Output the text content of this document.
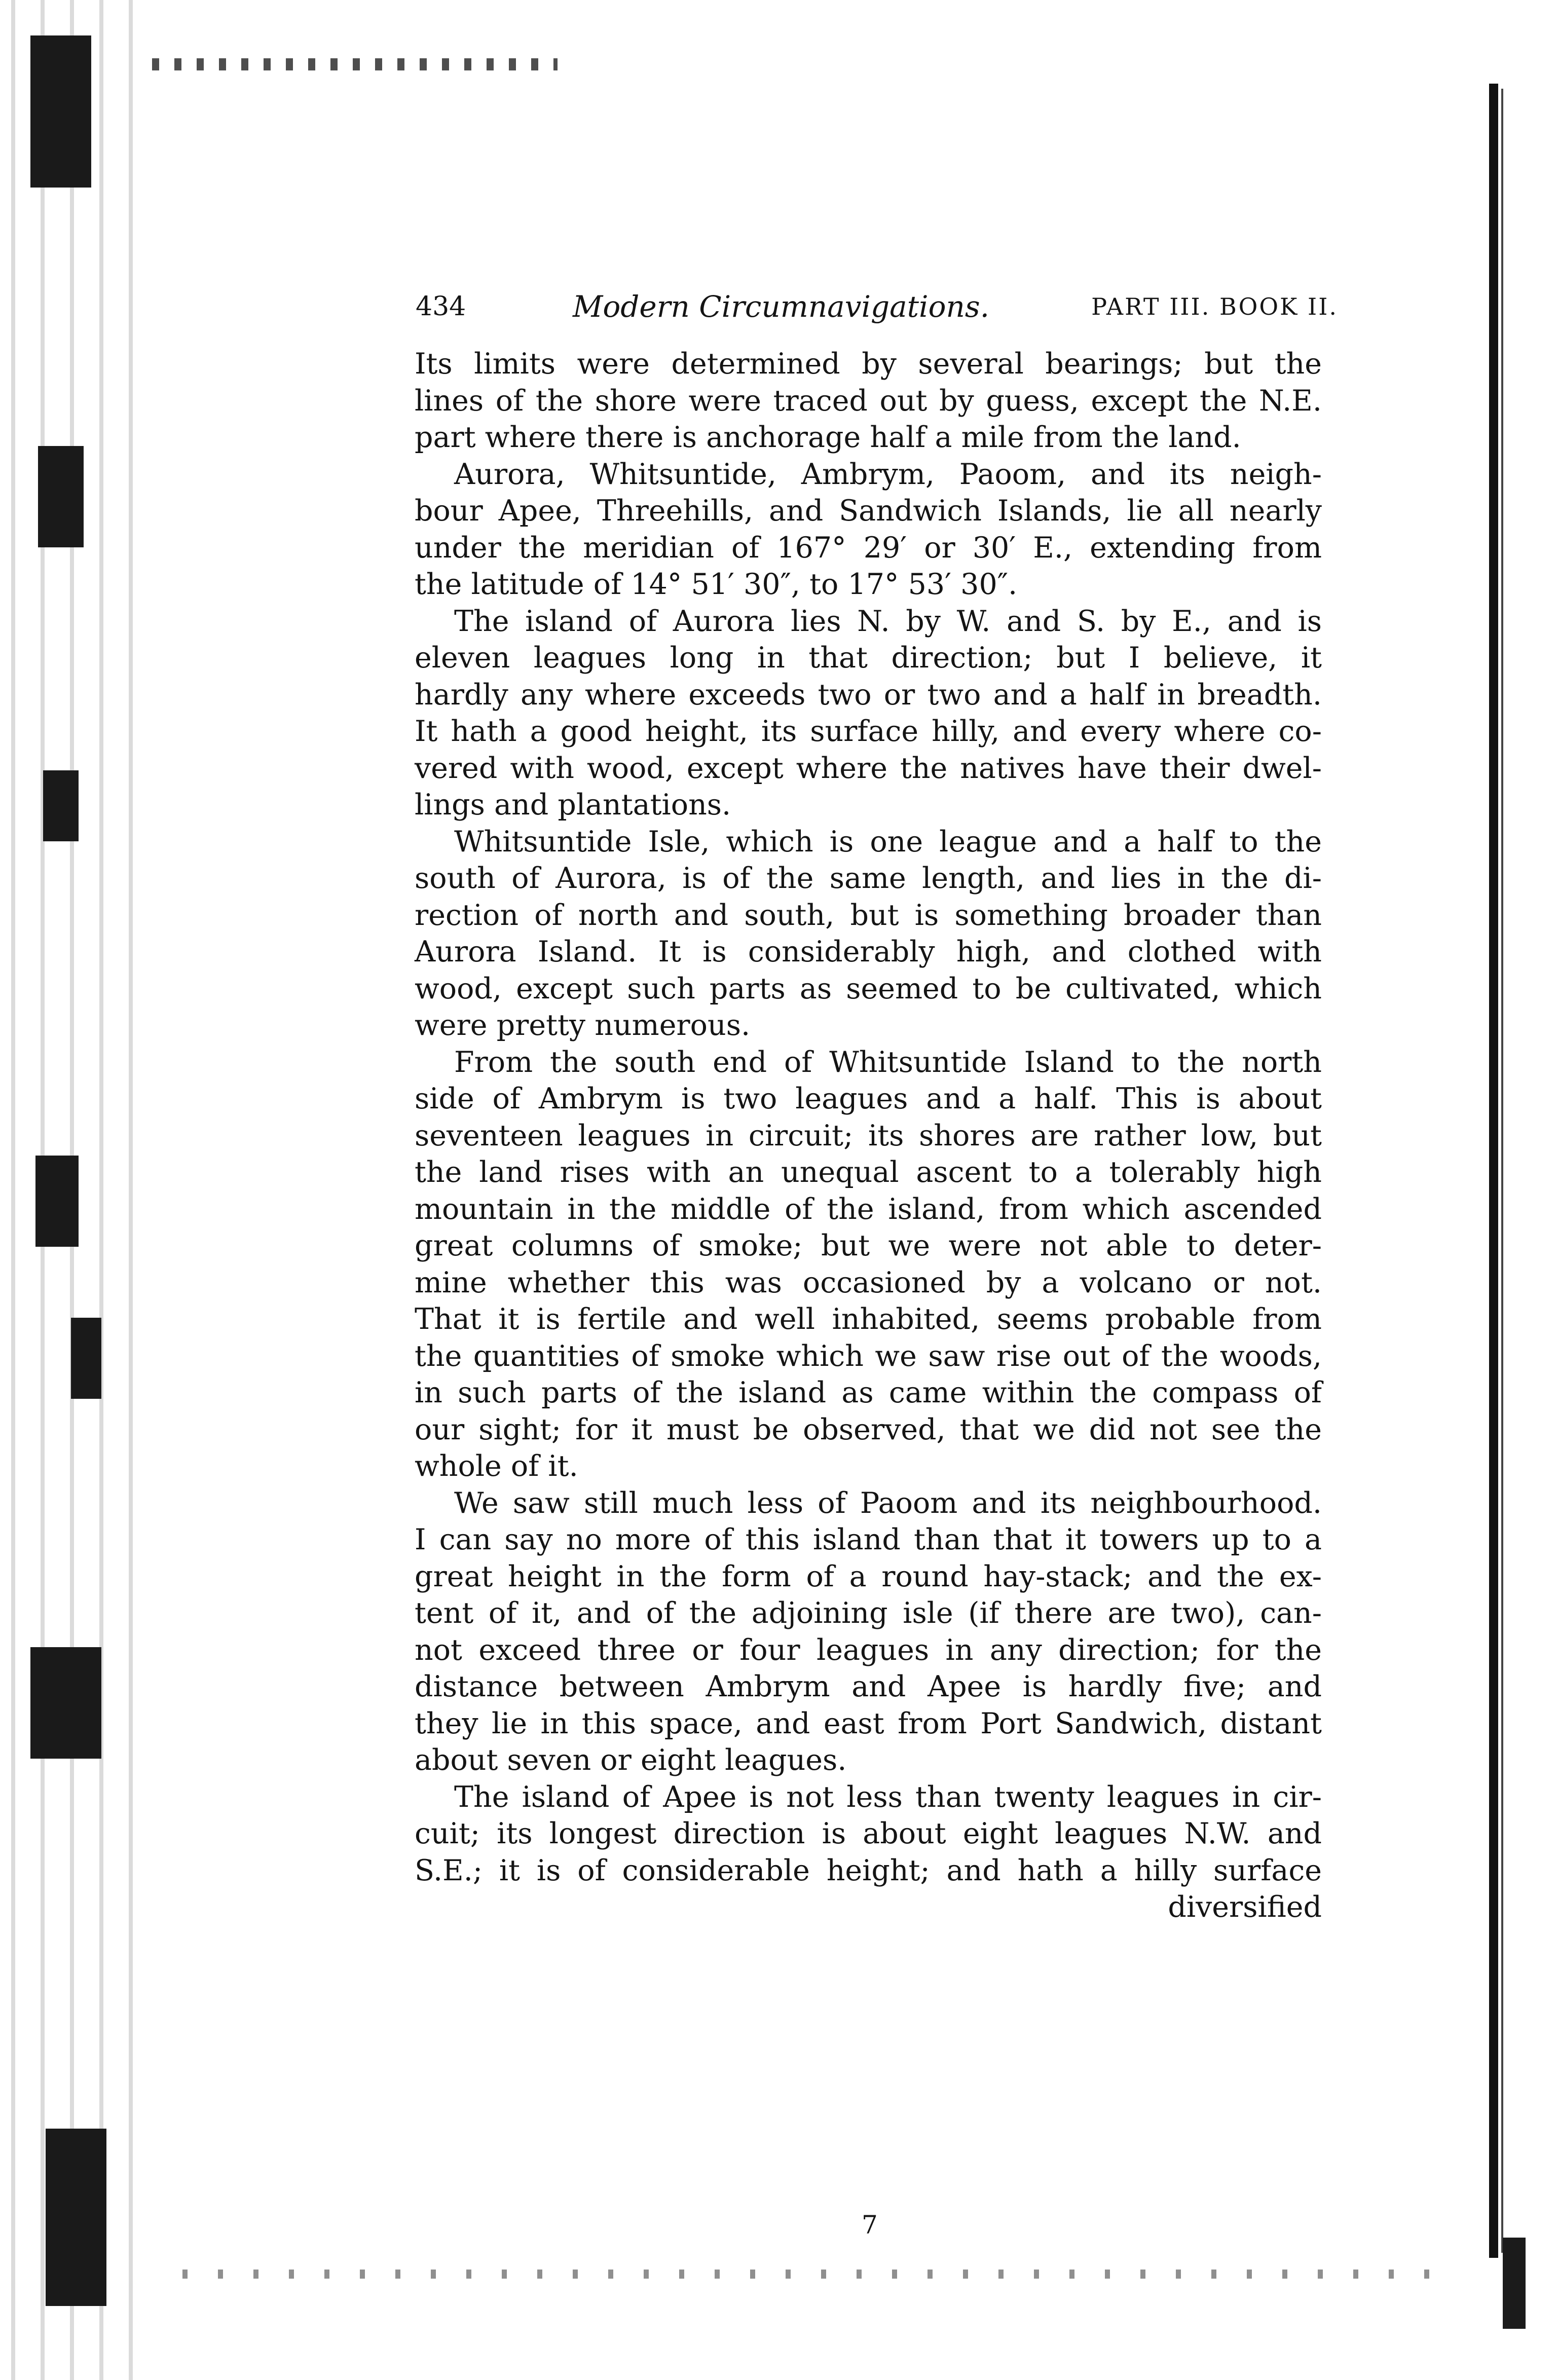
434	Modern Circumnavigations.	PART III. BOOK II.
Its limits were determined by several bearings; but the
lines of the shore were traced out by guess, except the N.E.
part where there is anchorage half a mile from the land.
Aurora, Whitsuntide, Ambrym, Paoom, and its neigh-
bour Apee, Threehills, and Sandwich Islands, lie all nearly
under the meridian of 167° 29′ or 30′ E., extending from
the latitude of 14° 51′ 30″, to 17° 53′ 30″.
The island of Aurora lies N. by W. and S. by E., and is
eleven leagues long in that direction; but I believe, it
hardly any where exceeds two or two and a half in breadth.
It hath a good height, its surface hilly, and every where co-
vered with wood, except where the natives have their dwel-
lings and plantations.
Whitsuntide Isle, which is one league and a half to the
south of Aurora, is of the same length, and lies in the di-
rection of north and south, but is something broader than
Aurora Island. It is considerably high, and clothed with
wood, except such parts as seemed to be cultivated, which
were pretty numerous.
From the south end of Whitsuntide Island to the north
side of Ambrym is two leagues and a half. This is about
seventeen leagues in circuit; its shores are rather low, but
the land rises with an unequal ascent to a tolerably high
mountain in the middle of the island, from which ascended
great columns of smoke; but we were not able to deter-
mine whether this was occasioned by a volcano or not.
That it is fertile and well inhabited, seems probable from
the quantities of smoke which we saw rise out of the woods,
in such parts of the island as came within the compass of
our sight; for it must be observed, that we did not see the
whole of it.
We saw still much less of Paoom and its neighbourhood.
I can say no more of this island than that it towers up to a
great height in the form of a round hay-stack; and the ex-
tent of it, and of the adjoining isle (if there are two), can-
not exceed three or four leagues in any direction; for the
distance between Ambrym and Apee is hardly five; and
they lie in this space, and east from Port Sandwich, distant
about seven or eight leagues.
The island of Apee is not less than twenty leagues in cir-
cuit; its longest direction is about eight leagues N.W. and
S.E.; it is of considerable height; and hath a hilly surface
diversified
7
